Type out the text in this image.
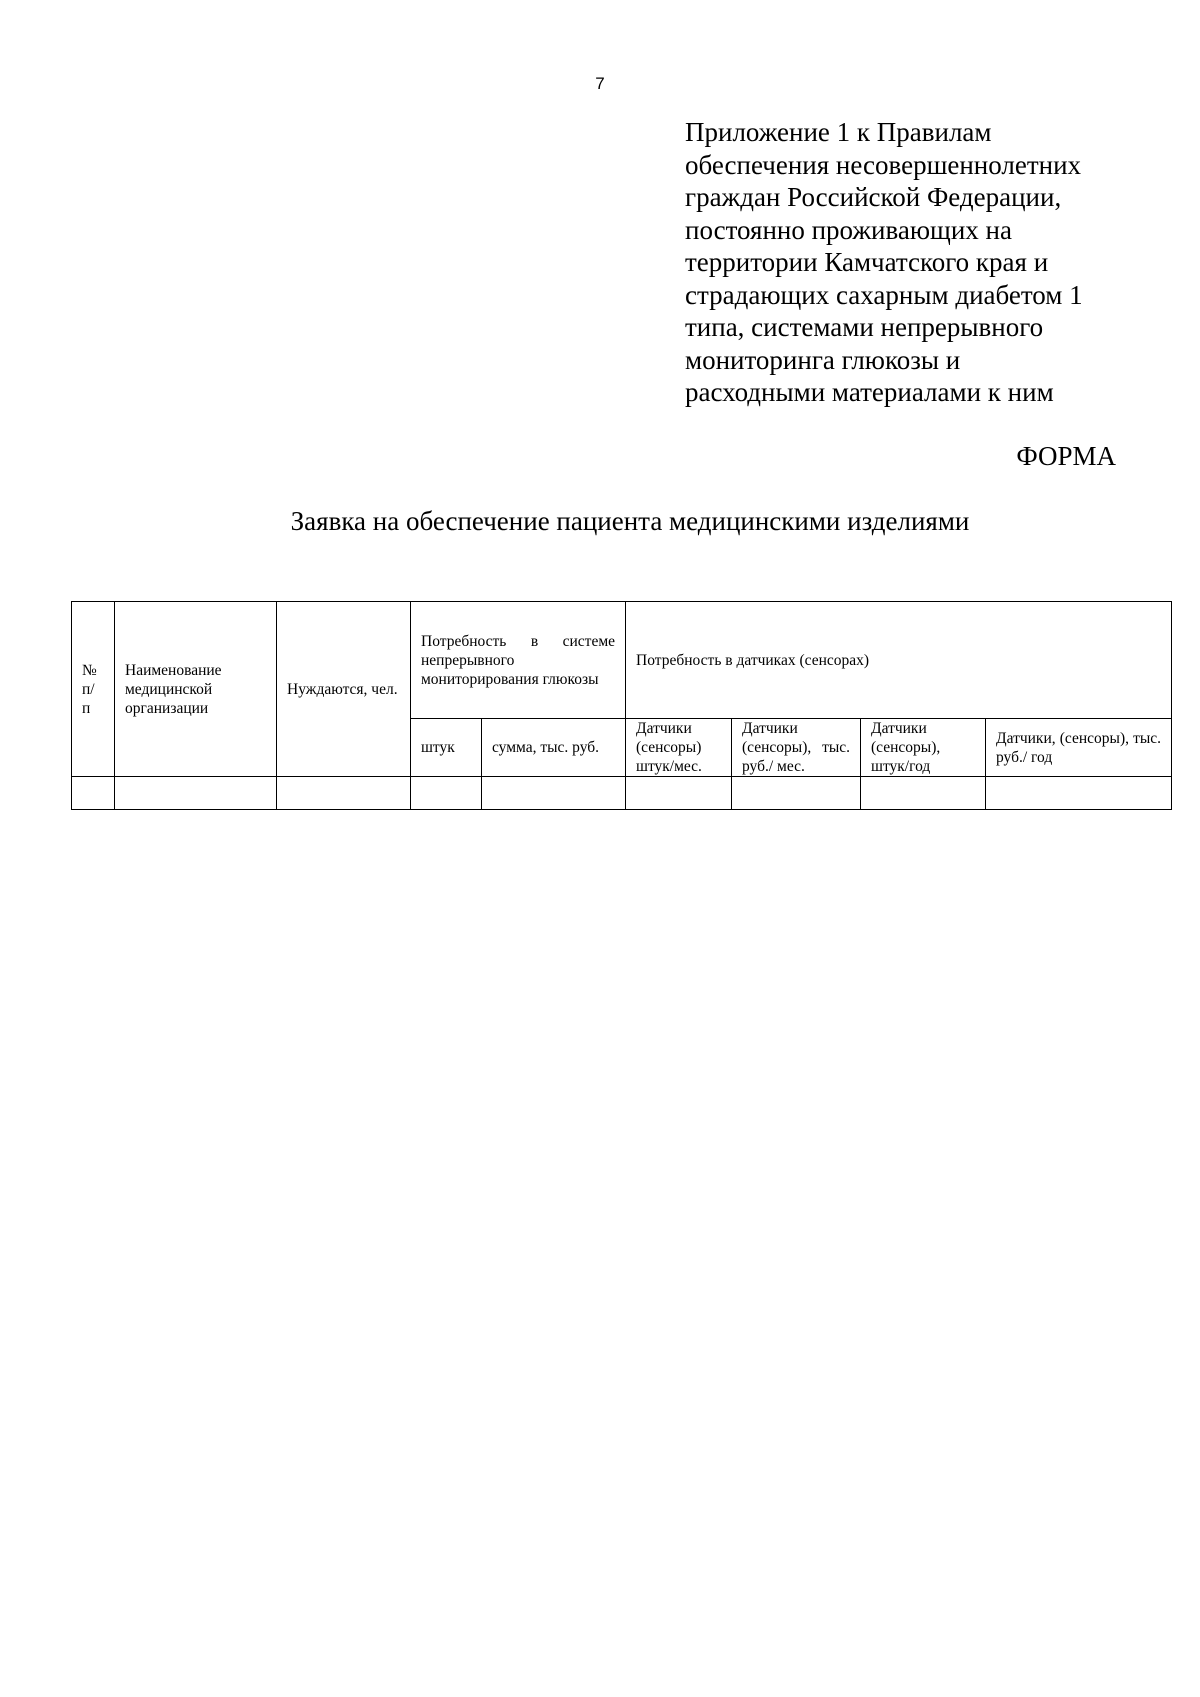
7
Приложение 1 к Правилам
обеспечения несовершеннолетних
граждан Российской Федерации,
постоянно проживающих на
территории Камчатского края и
страдающих сахарным диабетом 1
типа, системами непрерывного
мониторинга глюкозы и
расходными материалами к ним
ФОРМА
Заявка на обеспечение пациента медицинскими изделиями
№ п/ п	Наименование медицинской организации	Нуждаются, чел.	Потребность в системе непрерывного мониторирования глюкозы		Потребность в датчиках (сенсорах)			
			штук	сумма, тыс. руб.	Датчики (сенсоры) штук/мес.	Датчики (сенсоры), тыс. руб./ мес.	Датчики (сенсоры), штук/год	Датчики, (сенсоры), тыс. руб./ год
